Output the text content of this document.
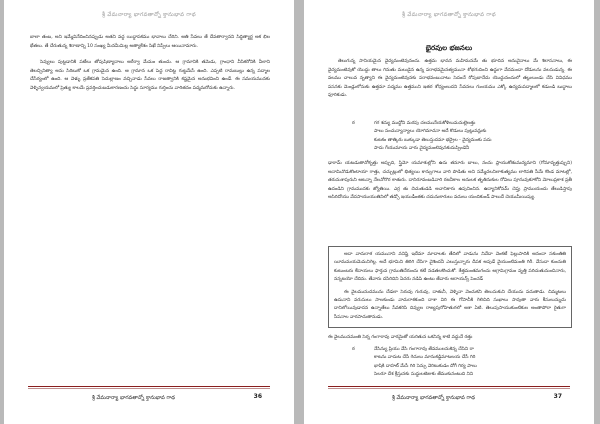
శ్రీ వేమనార్యా భాగవతాన్నో క్తానుభావ గాథ

బాలా తంబ, అని ఇమ్మేవినేదించినప్పుడు అతని వద్ద యిద్దాపకము భావాలు చేరిని. ఆతి సేవలు తే దేవతార్వానని సిద్ధిత్యార్ణ అక భిల భేతలు. తే చేరుతున్న శిరాణాన్ని 10 సంఖ్య మీనమీమిల్ల అత్యాకేశం సిఖే నిప్పేలు ఆయినామారు.

సెవ్వులు పుట్టడానికి పటేలు తోపుషిణ్యాదాలు ఆరేర్వా మేమం తుందు. ఆ గ్రామానికి తమెడు, గ్రాంధాని వీసికరోనికి వీలాని తెలచ్చినిత్యా అను సిరిబుకో ఒక గ్రామమైన ఉంది. ఆ గ్రామాన ఒక పెద్ద రావిట్ట గుట్టమేసే ఉంది. ఎప్పటి రామబుల్లు ఉన్న పద్మాల చేసేర్యంలో ఉంది. ఆ వెళ్ళు ప్రతేకపతి సెదుల్లాణం వచ్చినాడు సేవలు రాజత్వానికి కష్టమైన అనుభవించి ఉండే. ఈ సమయమునకు వెళ్ళిన్వయమలో ప్రెత్యు కాలమే ప్రవర్తించుబడుకారణంను సెద్ధు సూర్యము గుర్తించు వారితనం పద్మమరోచుకు ఉన్నారు.

శ్రీ వేమనార్యా భాగవతాన్నో క్తానుభావ గాథ	36
శ్రీ వేమనార్యా భాగవతాన్నో క్తానుభావ గాథ
భైరవుల భజనలు

తెలుగున్న సానియమైన వైద్యమంటెవునందు. ఉత్తమ భావన మహిమనమే తు భూదిన అనువైనాలు మే శిలాసనాలు, ఈ వైద్యమంటెవుకో యొద్దు తాలు గినుతు మలుడైన ఉన్న పరాభవమైనత్వమునా శోభగుదించి ఉద్దుగా వేదమందా దోడులను వలసుడున్న. ఈ వలము చాలువ నృత్యాని ఈ వైద్యమంటెవునకు పరాభవంబునాటు సెదంచే రోపుబానేదు యొద్దునందులో తల్లులుండు చేసి వివిధము పసనకు మెండ్లులోనుకు ఉత్తమా పద్మము ఉత్తముని ఇతర శోధ్యంలుదని సేవనలు గుంయము ఎక్కో ఉద్యమపద్మాలలో కడుండి బుద్ధాలు ఫూరికుడు.

ఠ	గగ శద్యు ముద్దోని మరపు చలమునేయకోళిలుమనుల్లెలత్తు
పాలు సంచున్యాన్యాలు యోగిమాదనా అదే కొడులు పుట్లువన్లుకు
కుటకం తాత్కిఠు బుక్కుడా తెలుస్తుదమా భద్రైల - వైద్యమంకు పదు
పాదు గేయుమాయ వారు వైద్యమంటెవునకుదుప్పిండెనీ

ఢారామ్ యటడుతానోకృత్తు అప్పుది, స్త్రిమో యమాశుల్లోని ఉదు తనూరు బాలు, నంను ఫ్రాయుకోతుమద్యమాని (గోమావృత్తుప్పుని) అనామినొడుకొంటాయా గాత్తు, చచ్చుట్లులో భిత్యయి కాన్సుగాలు వారి పొడితు అని సమ్మేదలనిలాకుత్యము లాగిపతి సీమే కొండ మాటల్లో, తరునుశాపురుని ఆటన్నా నేలనోరొర కాతురు. దానిరూవంబడివారి రజనీకాల అనులక తృతినుకుల రోవిలు పూనువుకూకోని మోలుప్రకాశ ప్రతీ ఉదండిని గ్రామముదకు జ్యోతియి. ఎర్ర తు దెచుతుడడి అచానికారు ఉపునించిన. ఉద్యానికోనమ్ చెప్తు ప్రాముయందు తేలుడిస్తాపు అసిరిదోయు వేదసాయుయుతినిలో తడ్సో ఇయుడీంతకు చదునుకారులు వదులు యందికుండ్ పాలుదే చెయుమీయిష్యు.

అదా వాదురాశ యమునాని వనిష్టి ఇదేమా మాదాలకు తేదిలో వాడును నివేదా వెంకటే ఫెల్లుపాదికి ఆనందా సకుంతితి యీమమయమెమనిగెల్ల. అదే భూమిని తిరిగి చేసిగా వైశిందనీ ఎలుస్తున్నారు దీపక అపుడే వైయుంటిమంతి గిరీ. వేసుదా కుంచుతి కుటుంబరు కేదాయలు ఫార్తువ గ్రాముతిచేరుందు కటే నడతలకొంచుకో. శేత్తమంతమగంచు ఆగ్రామిగ్రామం వృత్తి పరిచుతునుంచినారు, నన్నటయో చేదిను. తేవారు దసిరిదిని ఏదరు నడిపి ఉంటు తేవారు ఆరాయన్స్ పెంచడ్

ఈ వైలమునుదమును చేడలా సెరువు గురువు, దాతునీ, వెళ్ళినా వెంచుకని తెలుసుకుని చేయుదు పదుతాడు. చిమ్మటలు ఉదునాని వరుసులు సాలకుండు వాదురాశకుంది దాశా విరి ఈ గోపాచీకి గెలిచిది సుఖాలు సావుతా వారు కీసులున్నుదు దానిలోయివుడాదన ఉన్నాతేలు సేవకరిసి దివ్వుల రాజ్యపురోహితుగలో ఆశా ఏటి. తెలుపుసాయుకుంటికుల అంతాపోరా రైతుగా సీపనాల వారపాదుతానుడు.

ఈ వైలమునమంతి సెర్న గంగారావు వారమైతో యరితున ఒకనిన్న కాటి వద్దునే రత్తు

ఠ	నేసిన్యు ప్రియు వేసి గంగారావు తేవములనుకెన్న చేసిని రా
కాటను వాదుట చేసే గెదులు మానుకడ్డిమాటలయ చేసే గిరి
భాషికి దాహట్ మేసే గిరి సెన్చు వెరిటుకుడం దోగీ గిర్య పాలు
సెలరూ దేశ క్రీస్తునకు సుద్దులటెజుకు తేముకునంటుది నిని
శ్రీ వేమనార్యా భాగవతాన్నో క్తానుభావ గాథ	37
